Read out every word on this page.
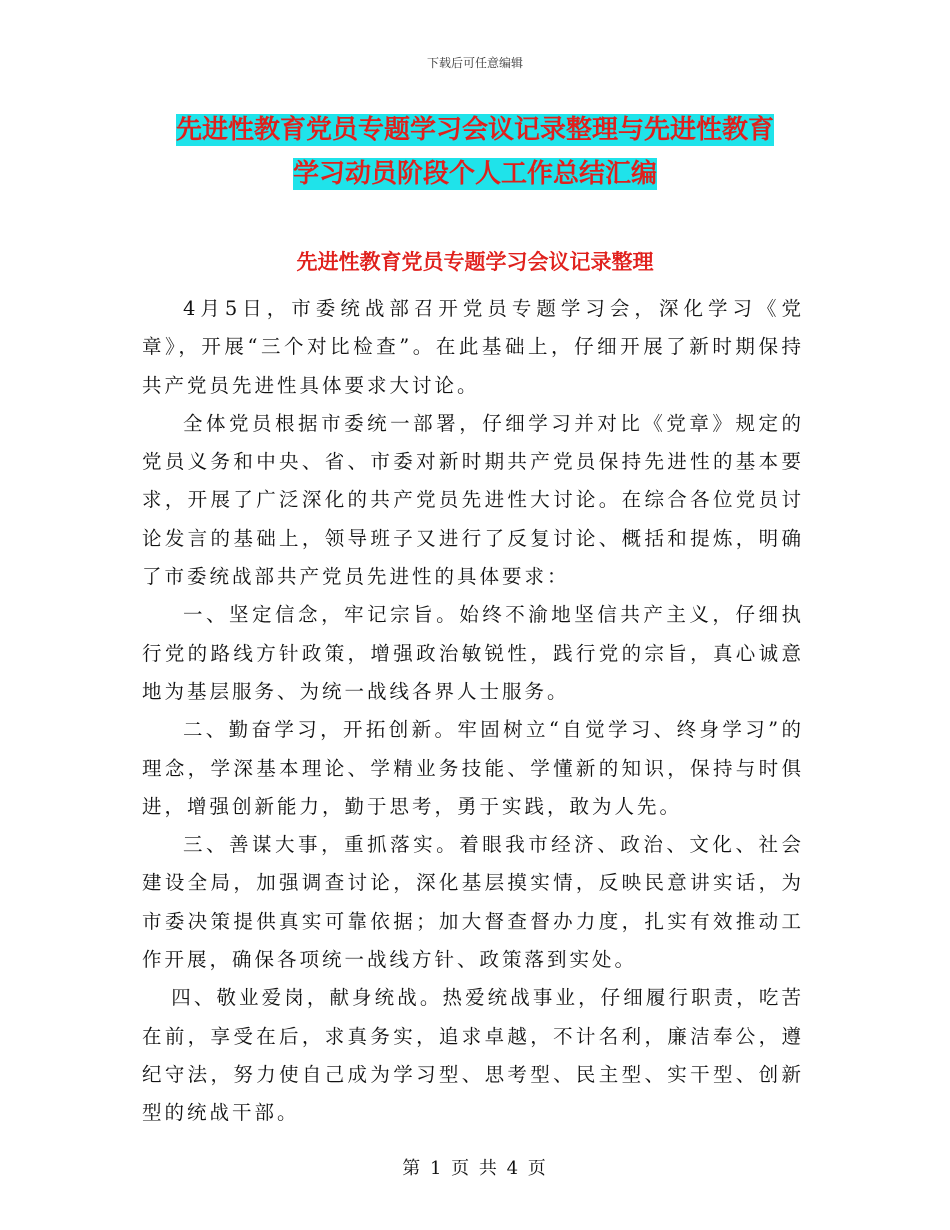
下载后可任意编辑
先进性教育党员专题学习会议记录整理与先进性教育
学习动员阶段个人工作总结汇编
先进性教育党员专题学习会议记录整理

4月5日，市委统战部召开党员专题学习会，深化学习《党章》，开展“三个对比检查”。在此基础上，仔细开展了新时期保持共产党员先进性具体要求大讨论。

全体党员根据市委统一部署，仔细学习并对比《党章》规定的党员义务和中央、省、市委对新时期共产党员保持先进性的基本要求，开展了广泛深化的共产党员先进性大讨论。在综合各位党员讨论发言的基础上，领导班子又进行了反复讨论、概括和提炼，明确了市委统战部共产党员先进性的具体要求：

一、坚定信念，牢记宗旨。始终不渝地坚信共产主义，仔细执行党的路线方针政策，增强政治敏锐性，践行党的宗旨，真心诚意地为基层服务、为统一战线各界人士服务。

二、勤奋学习，开拓创新。牢固树立“自觉学习、终身学习”的理念，学深基本理论、学精业务技能、学懂新的知识，保持与时俱进，增强创新能力，勤于思考，勇于实践，敢为人先。

三、善谋大事，重抓落实。着眼我市经济、政治、文化、社会建设全局，加强调查讨论，深化基层摸实情，反映民意讲实话，为市委决策提供真实可靠依据；加大督查督办力度，扎实有效推动工作开展，确保各项统一战线方针、政策落到实处。

四、敬业爱岗，献身统战。热爱统战事业，仔细履行职责，吃苦在前，享受在后，求真务实，追求卓越，不计名利，廉洁奉公，遵纪守法，努力使自己成为学习型、思考型、民主型、实干型、创新型的统战干部。

第 1 页 共 4 页
